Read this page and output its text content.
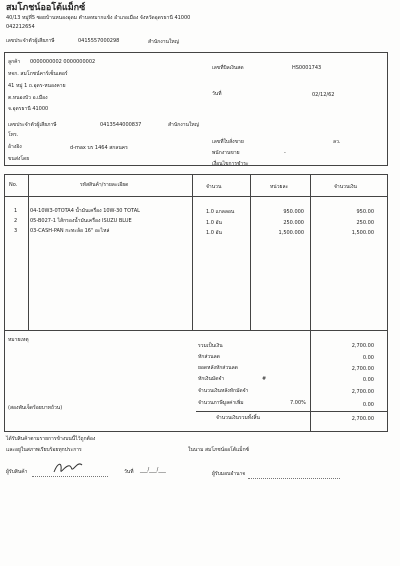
สมโภชน์ออโต้แม็กซ์
40/13 หมู่ที่5 ซอยบ้านหนองอุดม ตำบลหมากแข้ง อำเภอเมือง จังหวัดอุดรธานี 41000
042212654
เลขประจำตัวผู้เสียภาษี	0415557000298	สำนักงานใหญ่
ลูกค้า 0000000002 0000000002
หจก. สมโภชน์คาร์เซ็นเตอร์
41 หมู่ 1 ถ.อุดร-หนองคาย
ต.หนองบัว อ.เมือง
จ.อุดรธานี 41000
เลขประจำตัวผู้เสียภาษี	0413544000837	สำนักงานใหญ่
โทร.
อ้างอิง	d-max บร 1464 สกลนคร
ขนส่งโดย
เลขที่บิลเงินสด	HS0001743
วันที่	02/12/62
เลขที่ใบสั่งขาย	ลว.
พนักงานขาย	-
เงื่อนไขการชำระ
No.	รหัสสินค้า/รายละเอียด	จำนวน	หน่วยละ	จำนวนเงิน
1	04-10W3-0TOTA4 น้ำมันเครื่อง 10W-30 TOTAL	1.0 แกลลอน	950.000	950.00
2	05-B027-1 ไส้กรองน้ำมันเครื่อง ISUZU BLUE	1.0 อัน	250.000	250.00
3	03-CASH-PAN กะทะล้อ 16" อะไหล่	1.0 อัน	1,500.000	1,500.00
หมายเหตุ
(สองพันเจ็ดร้อยบาทถ้วน)
รวมเป็นเงิน	2,700.00
หักส่วนลด	0.00
ยอดหลังหักส่วนลด	2,700.00
หักเงินมัดจำ	#	0.00
จำนวนเงินหลังหักมัดจำ	2,700.00
จำนวนภาษีมูลค่าเพิ่ม	7.00%	0.00
จำนวนเงินรวมทั้งสิ้น	2,700.00
ได้รับสินค้าตามรายการข้างบนนี้ไว้ถูกต้อง
และอยู่ในสภาพเรียบร้อยทุกประการ	ในนาม สมโภชน์ออโต้แม็กซ์
ผู้รับสินค้า	วันที่ ___/___/___
ผู้รับมอบอำนาจ
